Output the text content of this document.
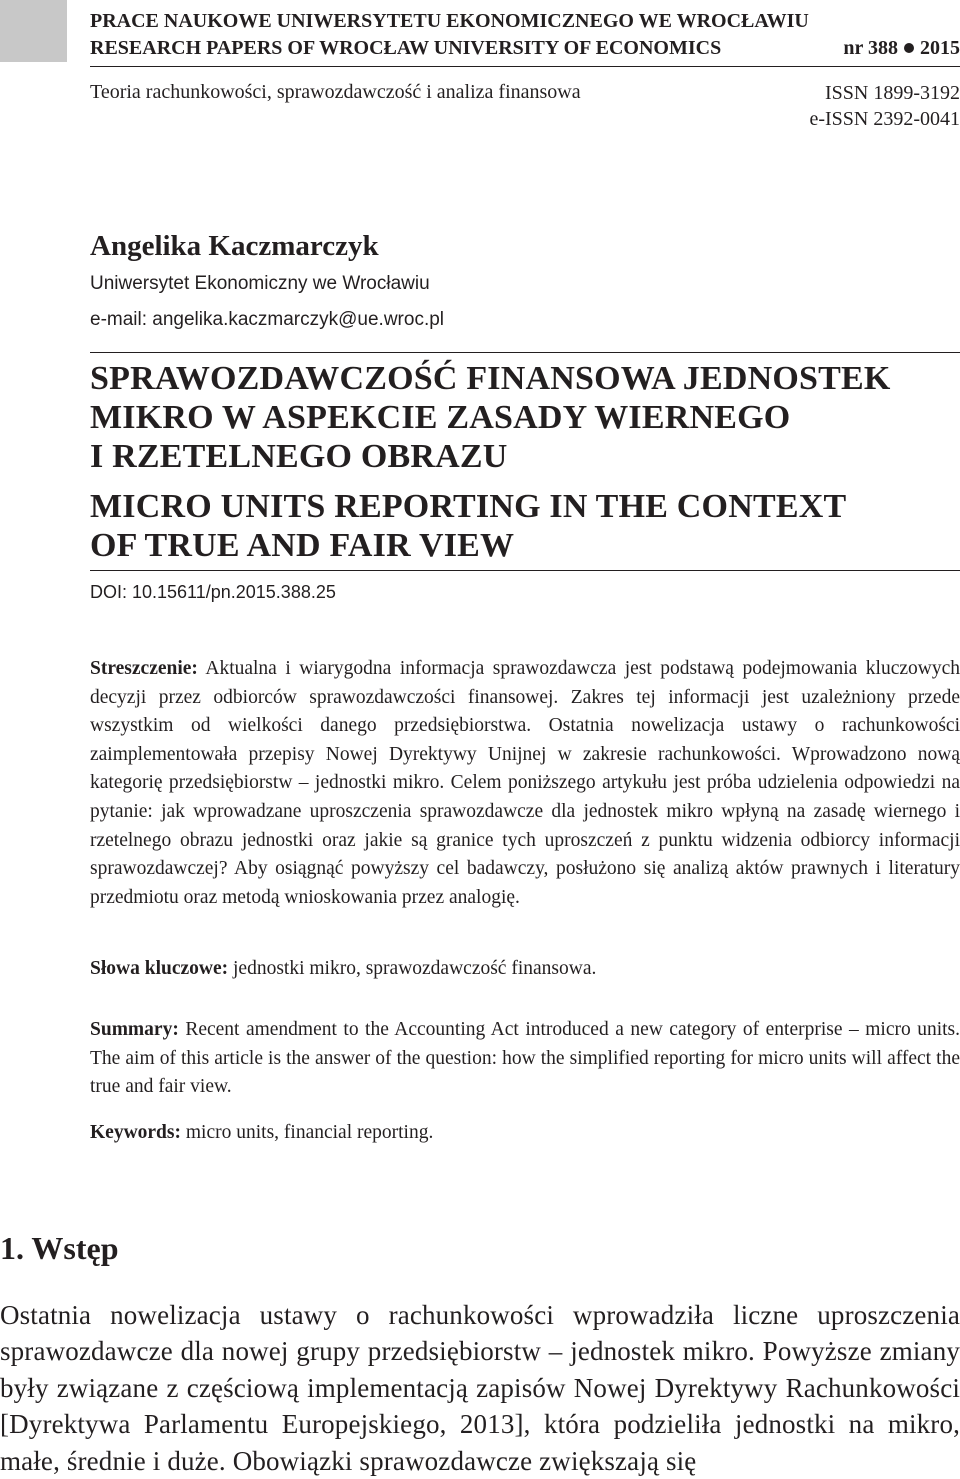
PRACE NAUKOWE UNIWERSYTETU EKONOMICZNEGO WE WROCŁAWIU
RESEARCH PAPERS OF WROCŁAW UNIVERSITY OF ECONOMICS	nr 388 2015
Teoria rachunkowości, sprawozdawczość i analiza finansowa	ISSN 1899-3192
e-ISSN 2392-0041
Angelika Kaczmarczyk
Uniwersytet Ekonomiczny we Wrocławiu
e-mail: angelika.kaczmarczyk@ue.wroc.pl
SPRAWOZDAWCZOŚĆ FINANSOWA JEDNOSTEK
MIKRO W ASPEKCIE ZASADY WIERNEGO
I RZETELNEGO OBRAZU
MICRO UNITS REPORTING IN THE CONTEXT
OF TRUE AND FAIR VIEW
DOI: 10.15611/pn.2015.388.25
Streszczenie: Aktualna i wiarygodna informacja sprawozdawcza jest podstawą podejmowania kluczowych decyzji przez odbiorców sprawozdawczości finansowej. Zakres tej informacji jest uzależniony przede wszystkim od wielkości danego przedsiębiorstwa. Ostatnia nowelizacja ustawy o rachunkowości zaimplementowała przepisy Nowej Dyrektywy Unijnej w zakresie rachunkowości. Wprowadzono nową kategorię przedsiębiorstw – jednostki mikro. Celem poniższego artykułu jest próba udzielenia odpowiedzi na pytanie: jak wprowadzane uproszczenia sprawozdawcze dla jednostek mikro wpłyną na zasadę wiernego i rzetelnego obrazu jednostki oraz jakie są granice tych uproszczeń z punktu widzenia odbiorcy informacji sprawozdawczej? Aby osiągnąć powyższy cel badawczy, posłużono się analizą aktów prawnych i literatury przedmiotu oraz metodą wnioskowania przez analogię.
Słowa kluczowe: jednostki mikro, sprawozdawczość finansowa.
Summary: Recent amendment to the Accounting Act introduced a new category of enterprise – micro units. The aim of this article is the answer of the question: how the simplified reporting for micro units will affect the true and fair view.
Keywords: micro units, financial reporting.
1. Wstęp
Ostatnia nowelizacja ustawy o rachunkowości wprowadziła liczne uproszczenia sprawozdawcze dla nowej grupy przedsiębiorstw – jednostek mikro. Powyższe zmiany były związane z częściową implementacją zapisów Nowej Dyrektywy Rachunkowości [Dyrektywa Parlamentu Europejskiego, 2013], która podzieliła jednostki na mikro, małe, średnie i duże. Obowiązki sprawozdawcze zwiększają się
